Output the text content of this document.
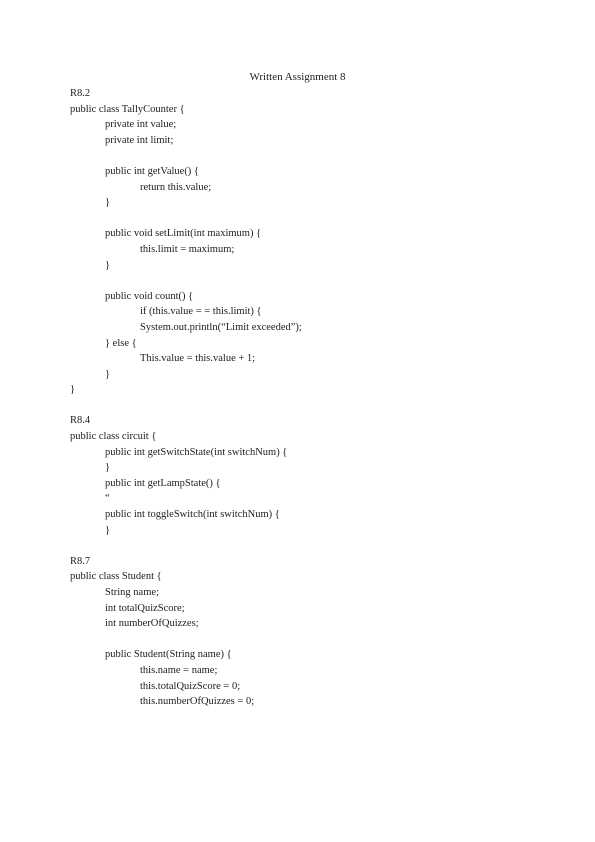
Written Assignment 8
R8.2
public class TallyCounter {
private int value;
private int limit;
public int getValue() {
return this.value;
}
public void setLimit(int maximum) {
this.limit = maximum;
}
public void count() {
if (this.value = = this.limit) {
System.out.println(“Limit exceeded”);
} else {
This.value = this.value + 1;
}
}
R8.4
public class circuit {
public int getSwitchState(int switchNum) {
}
public int getLampState() {
“
public int toggleSwitch(int switchNum) {
}
R8.7
public class Student {
String name;
int totalQuizScore;
int numberOfQuizzes;
public Student(String name) {
this.name = name;
this.totalQuizScore = 0;
this.numberOfQuizzes = 0;
